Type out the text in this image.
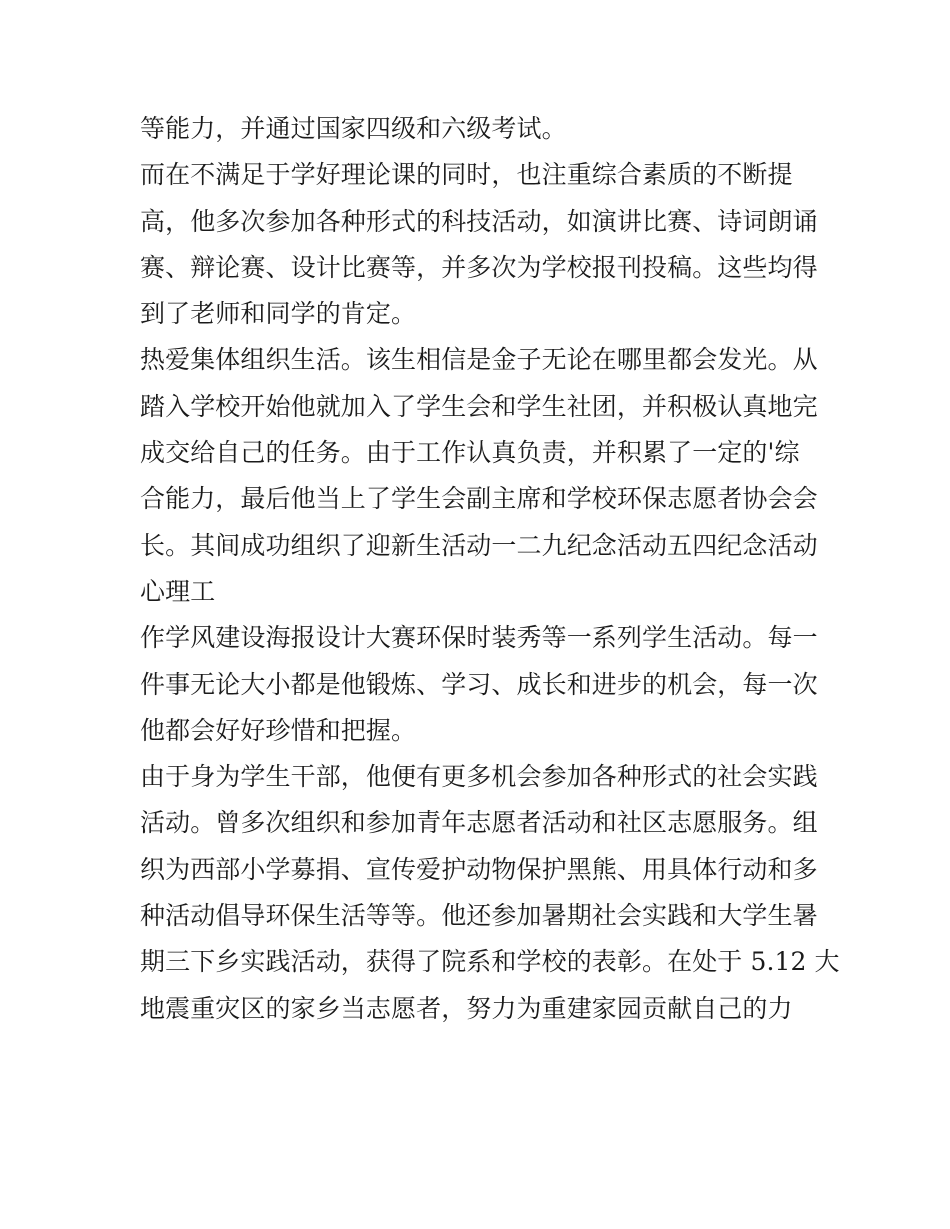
等能力，并通过国家四级和六级考试。
而在不满足于学好理论课的同时，也注重综合素质的不断提
高，他多次参加各种形式的科技活动，如演讲比赛、诗词朗诵
赛、辩论赛、设计比赛等，并多次为学校报刊投稿。这些均得
到了老师和同学的肯定。
热爱集体组织生活。该生相信是金子无论在哪里都会发光。从
踏入学校开始他就加入了学生会和学生社团，并积极认真地完
成交给自己的任务。由于工作认真负责，并积累了一定的'综
合能力，最后他当上了学生会副主席和学校环保志愿者协会会
长。其间成功组织了迎新生活动一二九纪念活动五四纪念活动
心理工
作学风建设海报设计大赛环保时装秀等一系列学生活动。每一
件事无论大小都是他锻炼、学习、成长和进步的机会，每一次
他都会好好珍惜和把握。
由于身为学生干部，他便有更多机会参加各种形式的社会实践
活动。曾多次组织和参加青年志愿者活动和社区志愿服务。组
织为西部小学募捐、宣传爱护动物保护黑熊、用具体行动和多
种活动倡导环保生活等等。他还参加暑期社会实践和大学生暑
期三下乡实践活动，获得了院系和学校的表彰。在处于 5.12 大
地震重灾区的家乡当志愿者，努力为重建家园贡献自己的力
